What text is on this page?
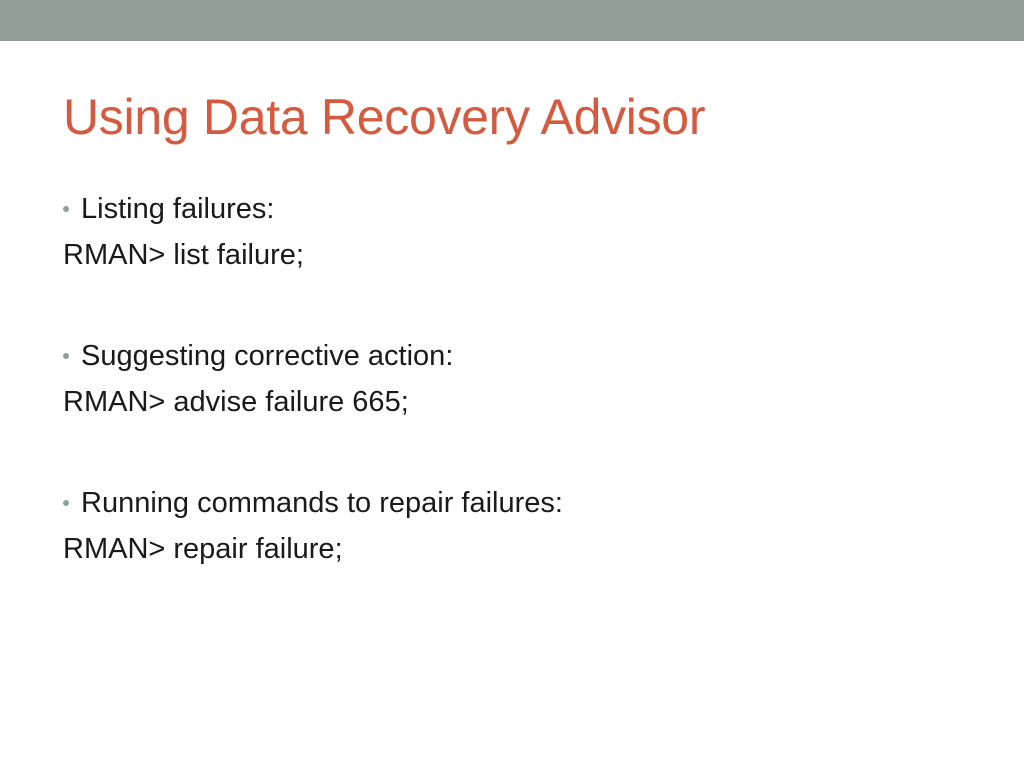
Using Data Recovery Advisor
Listing failures:
RMAN> list failure;
Suggesting corrective action:
RMAN> advise failure 665;
Running commands to repair failures:
RMAN> repair failure;
